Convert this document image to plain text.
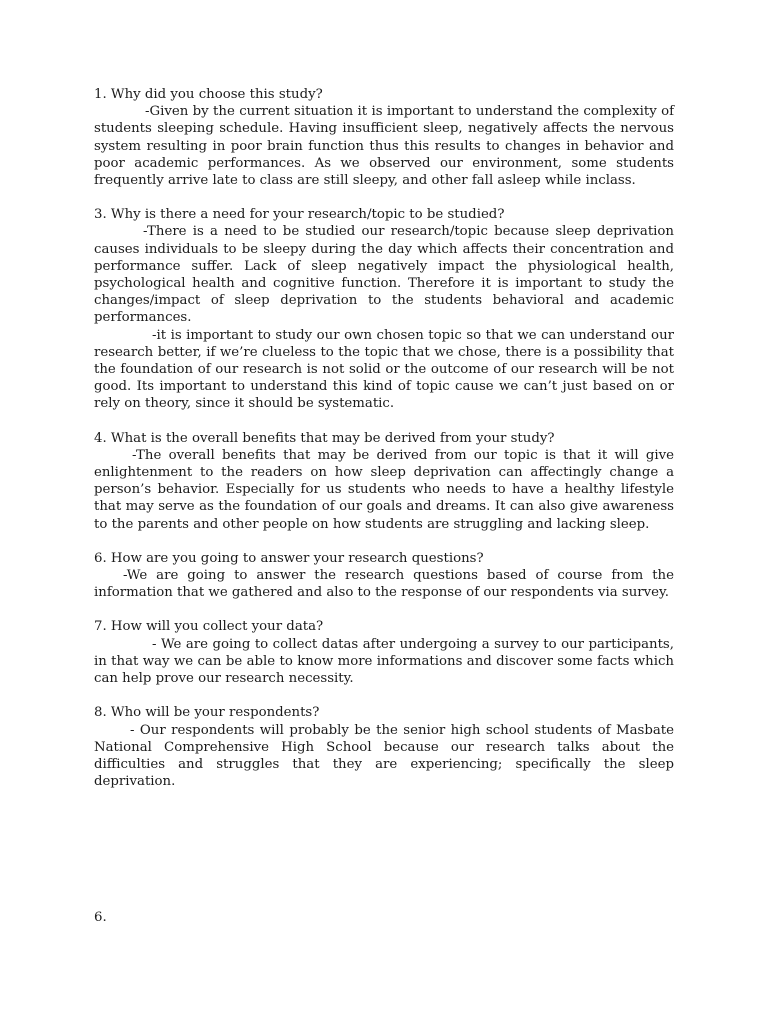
1. Why did you choose this study?

-Given by the current situation it is important to understand the complexity of students sleeping schedule. Having insufficient sleep, negatively affects the nervous system resulting in poor brain function thus this results to changes in behavior and poor academic performances. As we observed our environment, some students frequently arrive late to class are still sleepy, and other fall asleep while inclass.

3. Why is there a need for your research/topic to be studied?

-There is a need to be studied our research/topic because sleep deprivation causes individuals to be sleepy during the day which affects their concentration and performance suffer. Lack of sleep negatively impact the physiological health, psychological health and cognitive function. Therefore it is important to study the changes/impact of sleep deprivation to the students behavioral and academic performances.

-it is important to study our own chosen topic so that we can understand our research better, if we’re clueless to the topic that we chose, there is a possibility that the foundation of our research is not solid or the outcome of our research will be not good. Its important to understand this kind of topic cause we can’t just based on or rely on theory, since it should be systematic.

4. What is the overall benefits that may be derived from your study?

-The overall benefits that may be derived from our topic is that it will give enlightenment to the readers on how sleep deprivation can affectingly change a person’s behavior. Especially for us students who needs to have a healthy lifestyle that may serve as the foundation of our goals and dreams. It can also give awareness to the parents and other people on how students are struggling and lacking sleep.

6. How are you going to answer your research questions?

-We are going to answer the research questions based of course from the information that we gathered and also to the response of our respondents via survey.

7. How will you collect your data?

- We are going to collect datas after undergoing a survey to our participants, in that way we can be able to know more informations and discover some facts which can help prove our research necessity.

8. Who will be your respondents?

- Our respondents will probably be the senior high school students of Masbate National Comprehensive High School because our research talks about the difficulties and struggles that they are experiencing; specifically the sleep deprivation.

6.
